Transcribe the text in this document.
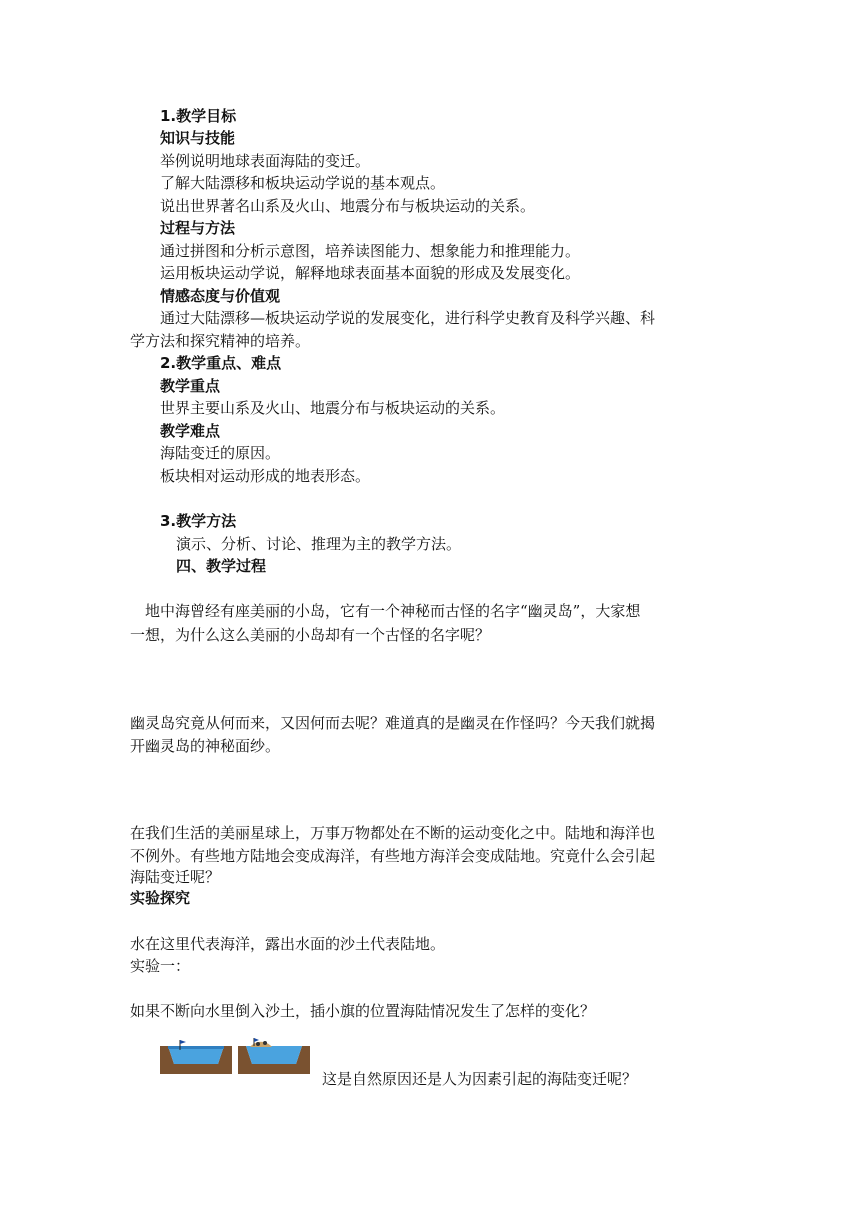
1.教学目标
知识与技能
举例说明地球表面海陆的变迁。
了解大陆漂移和板块运动学说的基本观点。
说出世界著名山系及火山、地震分布与板块运动的关系。
过程与方法
通过拼图和分析示意图，培养读图能力、想象能力和推理能力。
运用板块运动学说，解释地球表面基本面貌的形成及发展变化。
情感态度与价值观
通过大陆漂移—板块运动学说的发展变化，进行科学史教育及科学兴趣、科
学方法和探究精神的培养。
2.教学重点、难点
教学重点
世界主要山系及火山、地震分布与板块运动的关系。
教学难点
海陆变迁的原因。
板块相对运动形成的地表形态。
3.教学方法
演示、分析、讨论、推理为主的教学方法。
四、教学过程
地中海曾经有座美丽的小岛，它有一个神秘而古怪的名字“幽灵岛”，大家想
一想，为什么这么美丽的小岛却有一个古怪的名字呢？
幽灵岛究竟从何而来，又因何而去呢？难道真的是幽灵在作怪吗？今天我们就揭
开幽灵岛的神秘面纱。
在我们生活的美丽星球上，万事万物都处在不断的运动变化之中。陆地和海洋也
不例外。有些地方陆地会变成海洋，有些地方海洋会变成陆地。究竟什么会引起
海陆变迁呢？
实验探究
水在这里代表海洋，露出水面的沙土代表陆地。
实验一：
如果不断向水里倒入沙土，插小旗的位置海陆情况发生了怎样的变化？
这是自然原因还是人为因素引起的海陆变迁呢？
